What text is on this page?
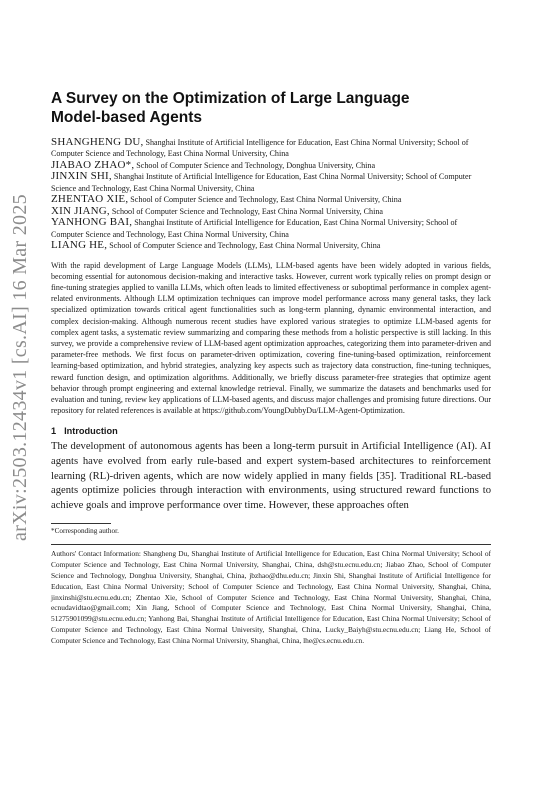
arXiv:2503.12434v1 [cs.AI] 16 Mar 2025
A Survey on the Optimization of Large Language Model-based Agents

SHANGHENG DU, Shanghai Institute of Artificial Intelligence for Education, East China Normal University; School of Computer Science and Technology, East China Normal University, China

JIABAO ZHAO*, School of Computer Science and Technology, Donghua University, China

JINXIN SHI, Shanghai Institute of Artificial Intelligence for Education, East China Normal University; School of Computer Science and Technology, East China Normal University, China

ZHENTAO XIE, School of Computer Science and Technology, East China Normal University, China

XIN JIANG, School of Computer Science and Technology, East China Normal University, China

YANHONG BAI, Shanghai Institute of Artificial Intelligence for Education, East China Normal University; School of Computer Science and Technology, East China Normal University, China

LIANG HE, School of Computer Science and Technology, East China Normal University, China

With the rapid development of Large Language Models (LLMs), LLM-based agents have been widely adopted in various fields, becoming essential for autonomous decision-making and interactive tasks. However, current work typically relies on prompt design or fine-tuning strategies applied to vanilla LLMs, which often leads to limited effectiveness or suboptimal performance in complex agent-related environments. Although LLM optimization techniques can improve model performance across many general tasks, they lack specialized optimization towards critical agent functionalities such as long-term planning, dynamic environmental interaction, and complex decision-making. Although numerous recent studies have explored various strategies to optimize LLM-based agents for complex agent tasks, a systematic review summarizing and comparing these methods from a holistic perspective is still lacking. In this survey, we provide a comprehensive review of LLM-based agent optimization approaches, categorizing them into parameter-driven and parameter-free methods. We first focus on parameter-driven optimization, covering fine-tuning-based optimization, reinforcement learning-based optimization, and hybrid strategies, analyzing key aspects such as trajectory data construction, fine-tuning techniques, reward function design, and optimization algorithms. Additionally, we briefly discuss parameter-free strategies that optimize agent behavior through prompt engineering and external knowledge retrieval. Finally, we summarize the datasets and benchmarks used for evaluation and tuning, review key applications of LLM-based agents, and discuss major challenges and promising future directions. Our repository for related references is available at https://github.com/YoungDubbyDu/LLM-Agent-Optimization.

1 Introduction

The development of autonomous agents has been a long-term pursuit in Artificial Intelligence (AI). AI agents have evolved from early rule-based and expert system-based architectures to reinforcement learning (RL)-driven agents, which are now widely applied in many fields [35]. Traditional RL-based agents optimize policies through interaction with environments, using structured reward functions to achieve goals and improve performance over time. However, these approaches often

*Corresponding author.

Authors' Contact Information: Shangheng Du, Shanghai Institute of Artificial Intelligence for Education, East China Normal University; School of Computer Science and Technology, East China Normal University, Shanghai, China, dsh@stu.ecnu.edu.cn; Jiabao Zhao, School of Computer Science and Technology, Donghua University, Shanghai, China, jbzhao@dhu.edu.cn; Jinxin Shi, Shanghai Institute of Artificial Intelligence for Education, East China Normal University; School of Computer Science and Technology, East China Normal University, Shanghai, China, jinxinshi@stu.ecnu.edu.cn; Zhentao Xie, School of Computer Science and Technology, East China Normal University, Shanghai, China, ecnudavidtao@gmail.com; Xin Jiang, School of Computer Science and Technology, East China Normal University, Shanghai, China, 51275901099@stu.ecnu.edu.cn; Yanhong Bai, Shanghai Institute of Artificial Intelligence for Education, East China Normal University; School of Computer Science and Technology, East China Normal University, Shanghai, China, Lucky_Baiyh@stu.ecnu.edu.cn; Liang He, School of Computer Science and Technology, East China Normal University, Shanghai, China, lhe@cs.ecnu.edu.cn.
